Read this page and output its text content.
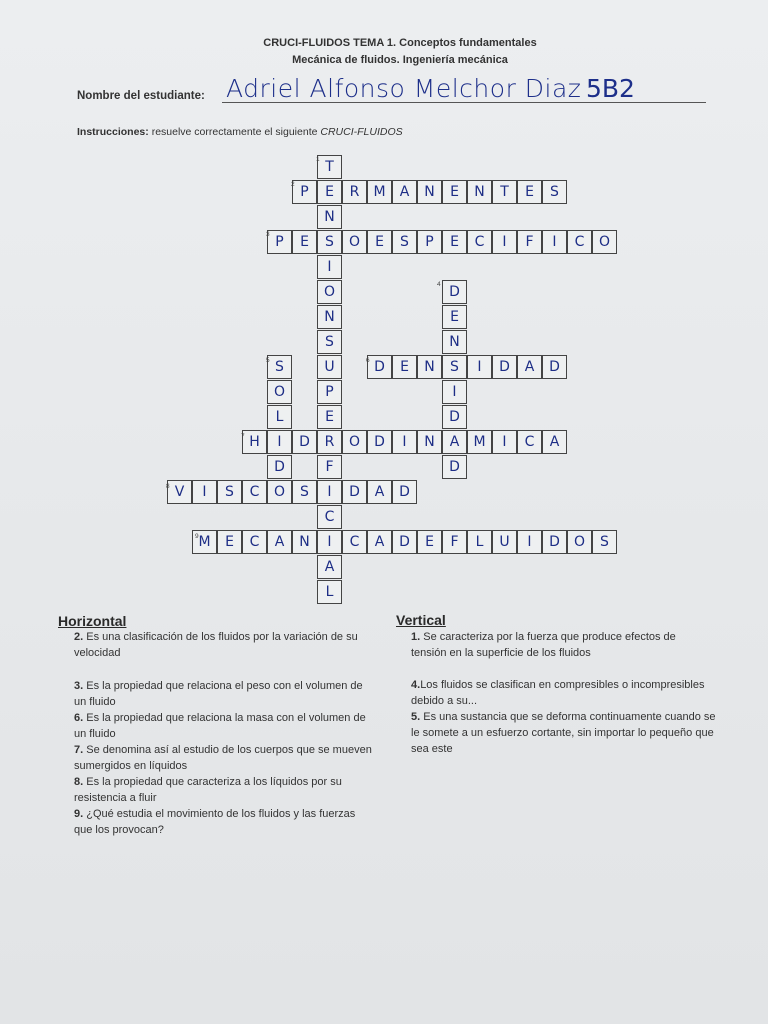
CRUCI-FLUIDOS TEMA 1. Conceptos fundamentales
Mecánica de fluidos. Ingeniería mecánica
Nombre del estudiante: Adriel Alfonso Melchor Diaz 5B2
Instrucciones: resuelve correctamente el siguiente CRUCI-FLUIDOS
S
O
D
I
U
L
F
E
D
A
C
N
A
C
E
M
D
A
D
S
C
S
I
V
A
C
I
M
N
I
D
O
D
H
D
A
D
I
N
E
D
O
D
I
L
O
S
D
A
D
I
S
N
E
D
O
C
I
F
I
C
E
P
S
E
O
E
P
S
E
T
N
E
N
A
M
R
P
L
A
I
C
I
F
R
E
P
U
S
N
O
I
S
N
E
T
1
2
3
4
5	6
7
8
9
Horizontal
2. Es una clasificación de los fluidos por la variación de su velocidad
3. Es la propiedad que relaciona el peso con el volumen de un fluido
6. Es la propiedad que relaciona la masa con el volumen de un fluido
7. Se denomina así al estudio de los cuerpos que se mueven sumergidos en líquidos
8. Es la propiedad que caracteriza a los líquidos por su resistencia a fluir
9. ¿Qué estudia el movimiento de los fluidos y las fuerzas que los provocan?
Vertical
1. Se caracteriza por la fuerza que produce efectos de tensión en la superficie de los fluidos
4.Los fluidos se clasifican en compresibles o incompresibles debido a su...
5. Es una sustancia que se deforma continuamente cuando se le somete a un esfuerzo cortante, sin importar lo pequeño que sea este
